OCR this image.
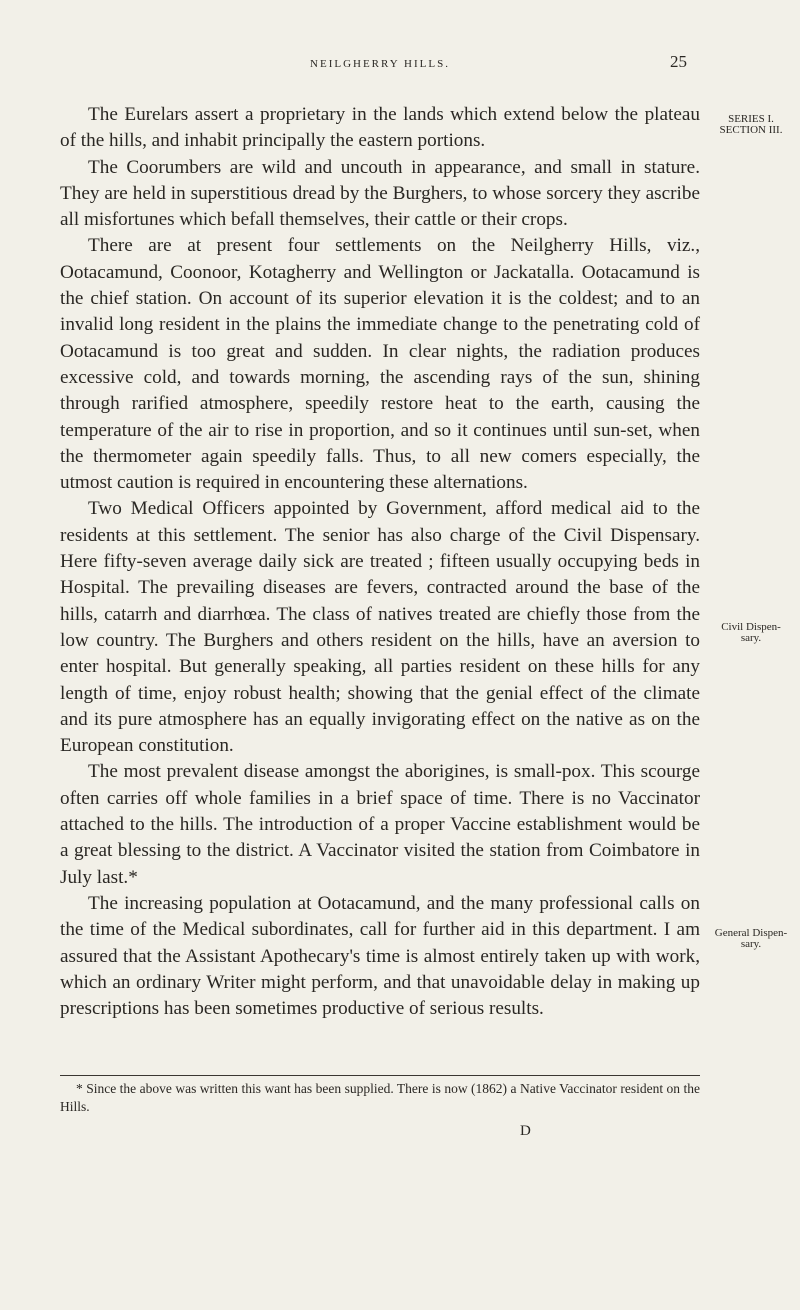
NEILGHERRY HILLS.	25
SERIES I.
SECTION III.
Civil Dispen-
sary.
General Dispen-
sary.

The Eurelars assert a proprietary in the lands which extend below the plateau of the hills, and inhabit principally the eastern portions.

The Coorumbers are wild and uncouth in appearance, and small in stature. They are held in superstitious dread by the Burghers, to whose sorcery they ascribe all misfortunes which befall themselves, their cattle or their crops.

There are at present four settlements on the Neilgherry Hills, viz., Ootacamund, Coonoor, Kotagherry and Wellington or Jackatalla. Ootacamund is the chief station. On account of its superior elevation it is the coldest; and to an invalid long resident in the plains the immediate change to the penetrating cold of Ootacamund is too great and sudden. In clear nights, the radiation produces excessive cold, and towards morning, the ascending rays of the sun, shining through rarified atmosphere, speedily restore heat to the earth, causing the temperature of the air to rise in proportion, and so it continues until sun-set, when the thermometer again speedily falls. Thus, to all new comers especially, the utmost caution is required in encountering these alternations.

Two Medical Officers appointed by Government, afford medical aid to the residents at this settlement. The senior has also charge of the Civil Dispensary. Here fifty-seven average daily sick are treated ; fifteen usually occupying beds in Hospital. The prevailing diseases are fevers, contracted around the base of the hills, catarrh and diarrhœa. The class of natives treated are chiefly those from the low country. The Burghers and others resident on the hills, have an aversion to enter hospital. But generally speaking, all parties resident on these hills for any length of time, enjoy robust health; showing that the genial effect of the climate and its pure atmosphere has an equally invigorating effect on the native as on the European constitution.

The most prevalent disease amongst the aborigines, is small-pox. This scourge often carries off whole families in a brief space of time. There is no Vaccinator attached to the hills. The introduction of a proper Vaccine establishment would be a great blessing to the district. A Vaccinator visited the station from Coimbatore in July last.*

The increasing population at Ootacamund, and the many professional calls on the time of the Medical subordinates, call for further aid in this department. I am assured that the Assistant Apothecary's time is almost entirely taken up with work, which an ordinary Writer might perform, and that unavoidable delay in making up prescriptions has been sometimes productive of serious results.

* Since the above was written this want has been supplied. There is now (1862) a Native Vaccinator resident on the Hills.
D
